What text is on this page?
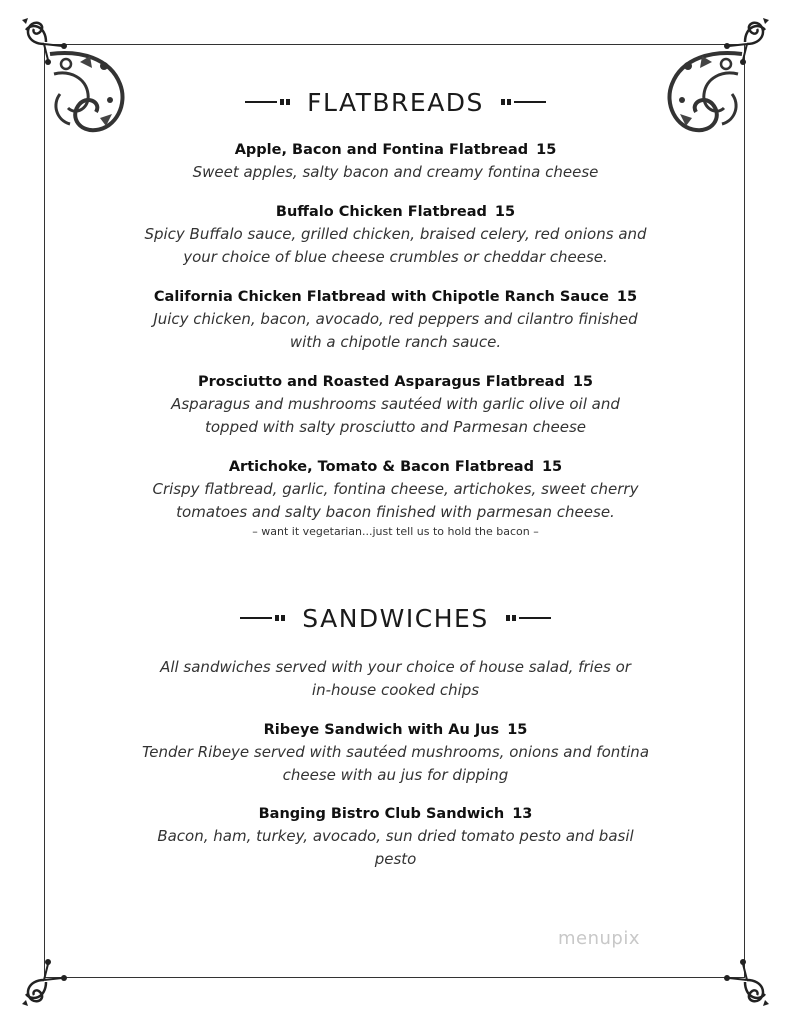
FLATBREADS
Apple, Bacon and Fontina Flatbread 15
Sweet apples, salty bacon and creamy fontina cheese
Buffalo Chicken Flatbread 15
Spicy Buffalo sauce, grilled chicken, braised celery, red onions and
your choice of blue cheese crumbles or cheddar cheese.
California Chicken Flatbread with Chipotle Ranch Sauce 15
Juicy chicken, bacon, avocado, red peppers and cilantro finished
with a chipotle ranch sauce.
Prosciutto and Roasted Asparagus Flatbread 15
Asparagus and mushrooms sautéed with garlic olive oil and
topped with salty prosciutto and Parmesan cheese
Artichoke, Tomato & Bacon Flatbread 15
Crispy flatbread, garlic, fontina cheese, artichokes, sweet cherry
tomatoes and salty bacon finished with parmesan cheese.
– want it vegetarian...just tell us to hold the bacon –
SANDWICHES
All sandwiches served with your choice of house salad, fries or
in-house cooked chips
Ribeye Sandwich with Au Jus 15
Tender Ribeye served with sautéed mushrooms, onions and fontina
cheese with au jus for dipping
Banging Bistro Club Sandwich 13
Bacon, ham, turkey, avocado, sun dried tomato pesto and basil
pesto
menupix
